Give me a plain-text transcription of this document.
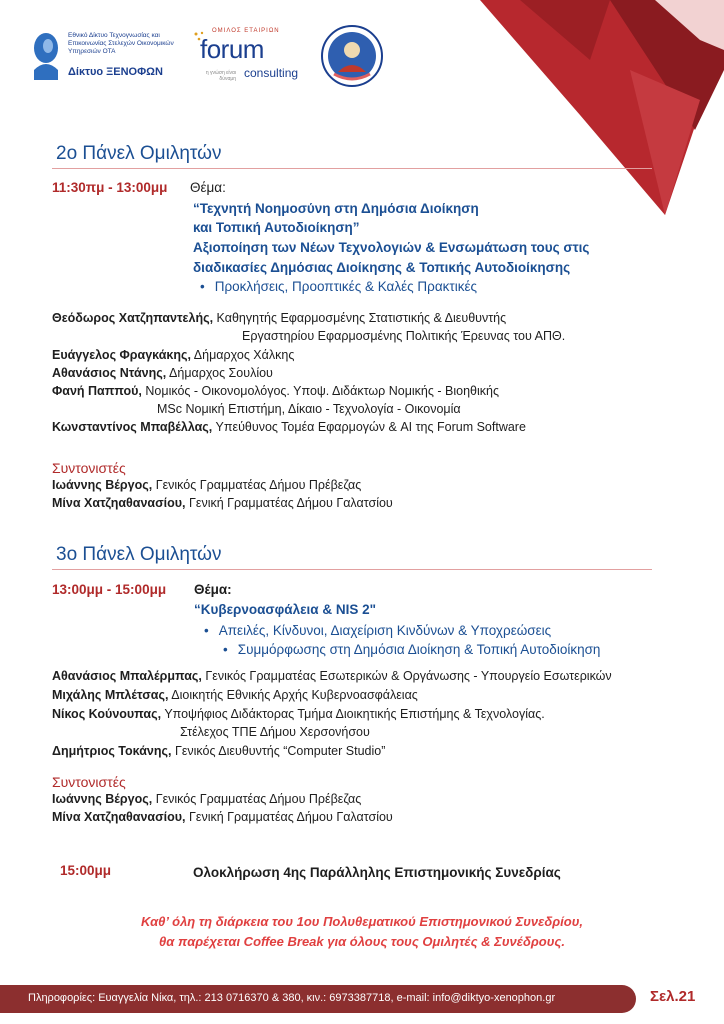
Εθνικό Δίκτυο Τεχνογνωσίας και Επικοινωνίας Στελεχών Οικονομικών Υπηρεσιών ΟΤΑ
Δίκτυο ΞΕΝΟΦΩΝ
ΟΜΙΛΟΣ ΕΤΑΙΡΙΩΝ
forum
η γνώση είναι δύναμη consulting
2ο Πάνελ Ομιλητών
11:30πμ - 13:00μμ Θέμα:
“Τεχνητή Νοημοσύνη στη Δημόσια Διοίκηση
και Τοπική Αυτοδιοίκηση”
Αξιοποίηση των Νέων Τεχνολογιών & Ενσωμάτωση τους στις
διαδικασίες Δημόσιας Διοίκησης & Τοπικής Αυτοδιοίκησης
• Προκλήσεις, Προοπτικές & Καλές Πρακτικές
Θεόδωρος Χατζηπαντελής, Καθηγητής Εφαρμοσμένης Στατιστικής & Διευθυντής
Εργαστηρίου Εφαρμοσμένης Πολιτικής Έρευνας του ΑΠΘ.
Ευάγγελος Φραγκάκης, Δήμαρχος Χάλκης
Αθανάσιος Ντάνης, Δήμαρχος Σουλίου
Φανή Παππού, Νομικός - Οικονομολόγος. Υποψ. Διδάκτωρ Νομικής - Βιοηθικής
MSc Νομική Επιστήμη, Δίκαιο - Τεχνολογία - Οικονομία
Κωνσταντίνος Μπαβέλλας, Υπεύθυνος Τομέα Εφαρμογών & AI της Forum Software
Συντονιστές
Ιωάννης Βέργος, Γενικός Γραμματέας Δήμου Πρέβεζας
Μίνα Χατζηαθανασίου, Γενική Γραμματέας Δήμου Γαλατσίου
3ο Πάνελ Ομιλητών
13:00μμ - 15:00μμ Θέμα:
“Κυβερνοασφάλεια & NIS 2"
• Απειλές, Κίνδυνοι, Διαχείριση Κινδύνων & Υποχρεώσεις
• Συμμόρφωσης στη Δημόσια Διοίκηση & Τοπική Αυτοδιοίκηση
Αθανάσιος Μπαλέρμπας, Γενικός Γραμματέας Εσωτερικών & Οργάνωσης - Υπουργείο Εσωτερικών
Μιχάλης Μπλέτσας, Διοικητής Εθνικής Αρχής Κυβερνοασφάλειας
Νίκος Κούνουπας, Υποψήφιος Διδάκτορας Τμήμα Διοικητικής Επιστήμης & Τεχνολογίας.
Στέλεχος ΤΠΕ Δήμου Χερσονήσου
Δημήτριος Τοκάνης, Γενικός Διευθυντής “Computer Studio”
Συντονιστές
Ιωάννης Βέργος, Γενικός Γραμματέας Δήμου Πρέβεζας
Μίνα Χατζηαθανασίου, Γενική Γραμματέας Δήμου Γαλατσίου
15:00μμ	Ολοκλήρωση 4ης Παράλληλης Επιστημονικής Συνεδρίας
Καθ’ όλη τη διάρκεια του 1ου Πολυθεματικού Επιστημονικού Συνεδρίου,
θα παρέχεται Coffee Break για όλους τους Ομιλητές & Συνέδρους.
Πληροφορίες: Ευαγγελία Νίκα, τηλ.: 213 0716370 & 380, κιν.: 6973387718, e-mail: info@diktyo-xenophon.gr	Σελ.21
